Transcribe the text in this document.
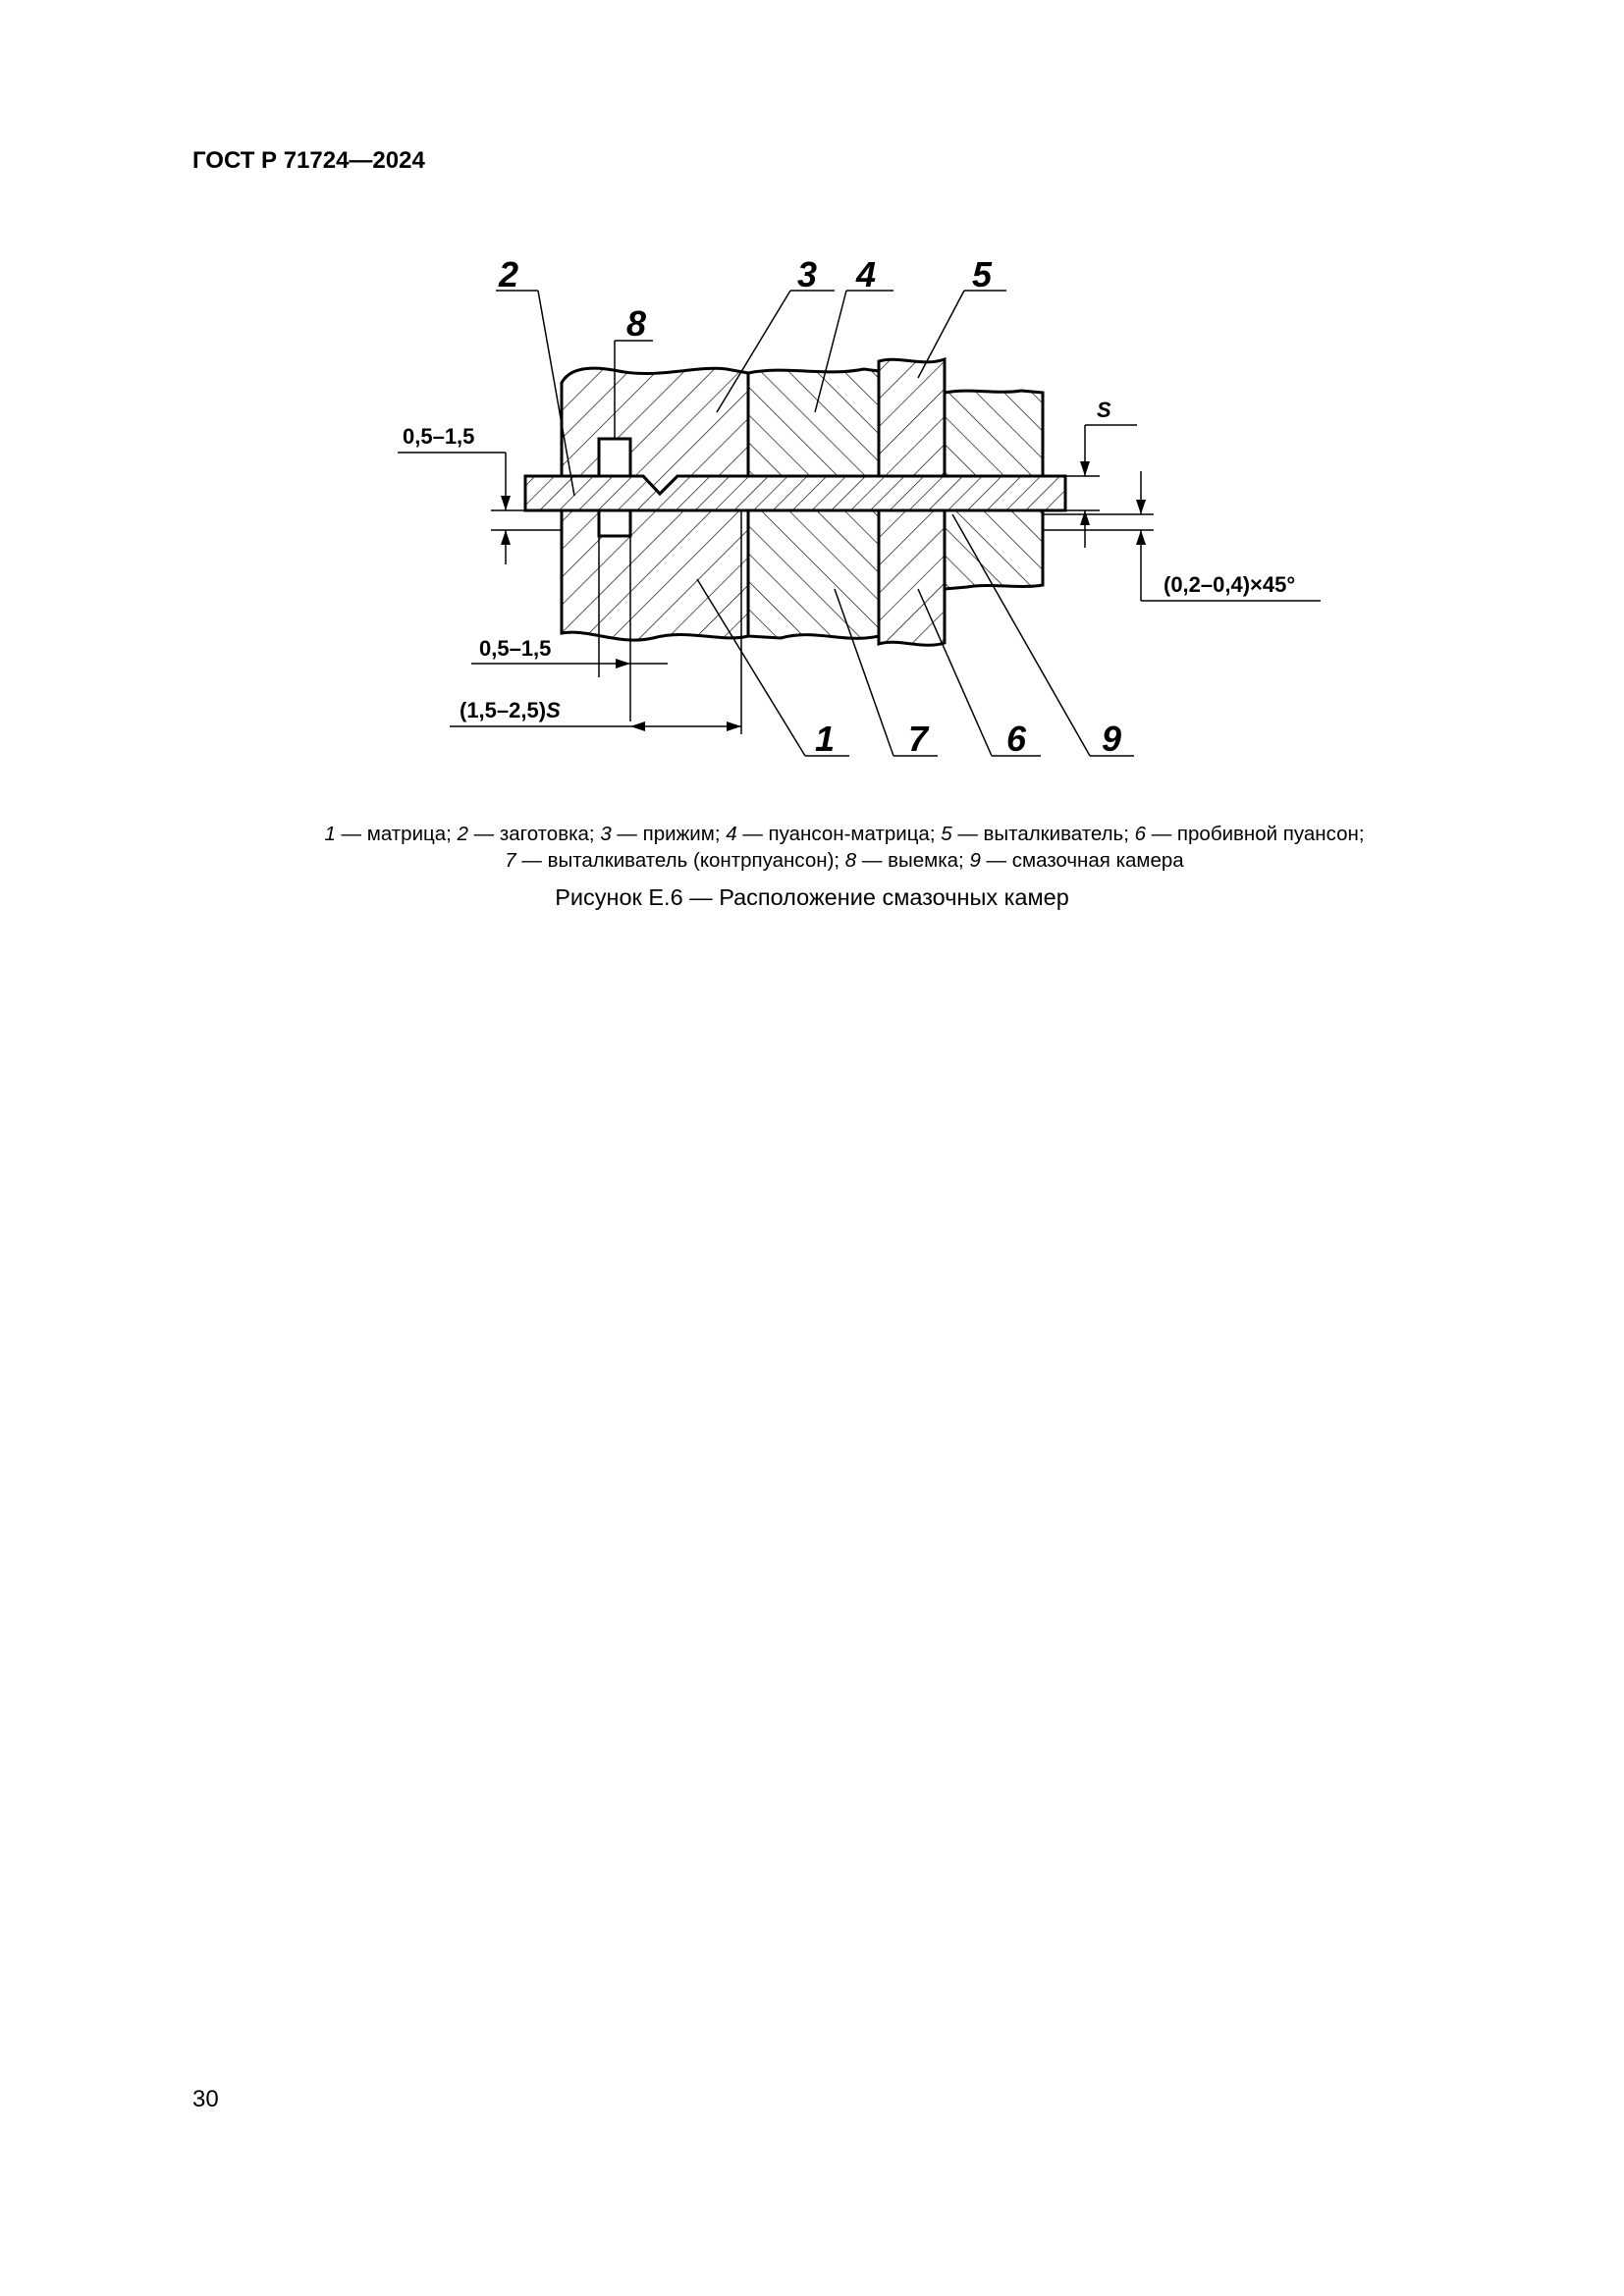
ГОСТ Р 71724—2024
2
8
3 4	5
1 7 6 9
0,5–1,5
0,5–1,5
(1,5–2,5)S
S
(0,2–0,4)×45°
1 — матрица; 2 — заготовка; 3 — прижим; 4 — пуансон-матрица; 5 — выталкиватель; 6 — пробивной пуансон;
7 — выталкиватель (контрпуансон); 8 — выемка; 9 — смазочная камера
Рисунок Е.6 — Расположение смазочных камер
30
